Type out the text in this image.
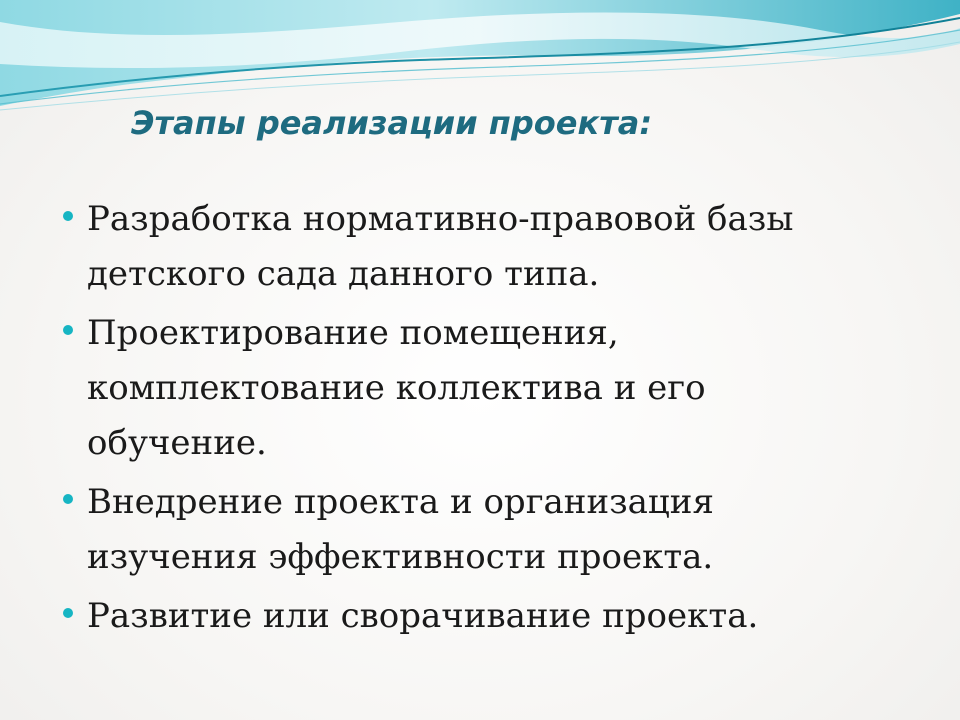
Этапы реализации проекта:
Разработка нормативно-правовой базы детского сада данного типа.
Проектирование помещения, комплектование коллектива и его обучение.
Внедрение проекта и организация изучения эффективности проекта.
Развитие или сворачивание проекта.
